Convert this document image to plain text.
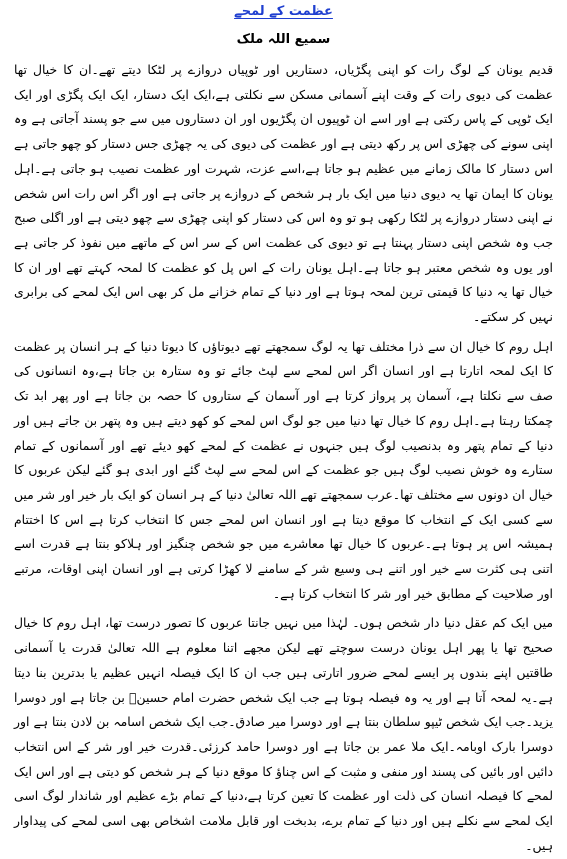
عظمت کے لمحے
سمیع اللہ ملک

قدیم یونان کے لوگ رات کو اپنی پگڑیاں، دستاریں اور ٹوپیاں دروازے پر لٹکا دیتے تھے۔ان کا خیال تھا عظمت کی دیوی رات کے وقت اپنے آسمانی مسکن سے نکلتی ہے،ایک ایک دستار، ایک ایک پگڑی اور ایک ایک ٹوپی کے پاس رکتی ہے اور اسے ان ٹوپیوں ان پگڑیوں اور ان دستاروں میں سے جو پسند آجاتی ہے وہ اپنی سونے کی چھڑی اس پر رکھ دیتی ہے اور عظمت کی دیوی کی یہ چھڑی جس دستار کو چھو جاتی ہے اس دستار کا مالک زمانے میں عظیم ہو جاتا ہے،اسے عزت، شہرت اور عظمت نصیب ہو جاتی ہے۔اہل یونان کا ایمان تھا یہ دیوی دنیا میں ایک بار ہر شخص کے دروازے پر جاتی ہے اور اگر اس رات اس شخص نے اپنی دستار دروازے پر لٹکا رکھی ہو تو وہ اس کی دستار کو اپنی چھڑی سے چھو دیتی ہے اور اگلی صبح جب وہ شخص اپنی دستار پہنتا ہے تو دیوی کی عظمت اس کے سر اس کے ماتھے میں نفوذ کر جاتی ہے اور یوں وہ شخص معتبر ہو جاتا ہے۔اہل یونان رات کے اس پل کو عظمت کا لمحہ کہتے تھے اور ان کا خیال تھا یہ دنیا کا قیمتی ترین لمحہ ہوتا ہے اور دنیا کے تمام خزانے مل کر بھی اس ایک لمحے کی برابری نہیں کر سکتے۔

اہل روم کا خیال ان سے ذرا مختلف تھا یہ لوگ سمجھتے تھے دیوتاؤں کا دیوتا دنیا کے ہر انسان پر عظمت کا ایک لمحہ اتارتا ہے اور انسان اگر اس لمحے سے لپٹ جائے تو وہ ستارہ بن جاتا ہے،وہ انسانوں کی صف سے نکلتا ہے، آسمان پر پرواز کرتا ہے اور آسمان کے ستاروں کا حصہ بن جاتا ہے اور پھر ابد تک چمکتا رہتا ہے۔اہل روم کا خیال تھا دنیا میں جو لوگ اس لمحے کو کھو دیتے ہیں وہ پتھر بن جاتے ہیں اور دنیا کے تمام پتھر وہ بدنصیب لوگ ہیں جنہوں نے عظمت کے لمحے کھو دیئے تھے اور آسمانوں کے تمام ستارے وہ خوش نصیب لوگ ہیں جو عظمت کے اس لمحے سے لپٹ گئے اور ابدی ہو گئے لیکن عربوں کا خیال ان دونوں سے مختلف تھا۔عرب سمجھتے تھے اللہ تعالیٰ دنیا کے ہر انسان کو ایک بار خیر اور شر میں سے کسی ایک کے انتخاب کا موقع دیتا ہے اور انسان اس لمحے جس کا انتخاب کرتا ہے اس کا اختتام ہمیشہ اس پر ہوتا ہے۔عربوں کا خیال تھا معاشرے میں جو شخص چنگیز اور ہلاکو بنتا ہے قدرت اسے اتنی ہی کثرت سے خیر اور اتنے ہی وسیع شر کے سامنے لا کھڑا کرتی ہے اور انسان اپنی اوقات، مرتبے اور صلاحیت کے مطابق خیر اور شر کا انتخاب کرتا ہے۔

میں ایک کم عقل دنیا دار شخص ہوں۔ لہٰذا میں نہیں جانتا عربوں کا تصور درست تھا، اہل روم کا خیال صحیح تھا یا پھر اہل یونان درست سوچتے تھے لیکن مجھے اتنا معلوم ہے اللہ تعالیٰ قدرت یا آسمانی طاقتیں اپنے بندوں پر ایسے لمحے ضرور اتارتی ہیں جب ان کا ایک فیصلہ انہیں عظیم یا بدترین بنا دیتا ہے۔یہ لمحہ آتا ہے اور یہ وہ فیصلہ ہوتا ہے جب ایک شخص حضرت امام حسینؓ بن جاتا ہے اور دوسرا یزید۔جب ایک شخص ٹیپو سلطان بنتا ہے اور دوسرا میر صادق۔جب ایک شخص اسامہ بن لادن بنتا ہے اور دوسرا بارک اوبامہ۔ایک ملا عمر بن جاتا ہے اور دوسرا حامد کرزئی۔قدرت خیر اور شر کے اس انتخاب دائیں اور بائیں کی پسند اور منفی و مثبت کے اس چناؤ کا موقع دنیا کے ہر شخص کو دیتی ہے اور اس ایک لمحے کا فیصلہ انسان کی ذلت اور عظمت کا تعین کرتا ہے،دنیا کے تمام بڑے عظیم اور شاندار لوگ اسی ایک لمحے سے نکلے ہیں اور دنیا کے تمام برے، بدبخت اور قابل ملامت اشخاص بھی اسی لمحے کی پیداوار ہیں۔
